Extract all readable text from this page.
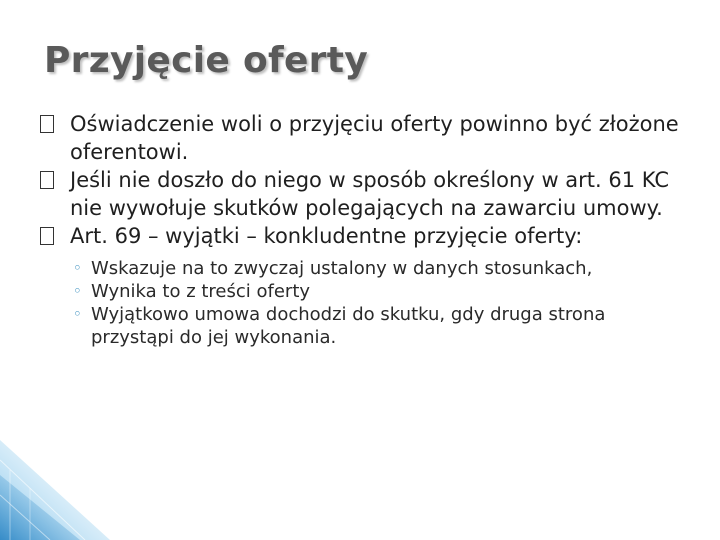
Przyjęcie oferty

Oświadczenie woli o przyjęciu oferty powinno być złożone oferentowi.

Jeśli nie doszło do niego w sposób określony w art. 61 KC nie wywołuje skutków polegających na zawarciu umowy.

Art. 69 – wyjątki – konkludentne przyjęcie oferty:

◦ Wskazuje na to zwyczaj ustalony w danych stosunkach,

◦ Wynika to z treści oferty

◦ Wyjątkowo umowa dochodzi do skutku, gdy druga strona przystąpi do jej wykonania.
